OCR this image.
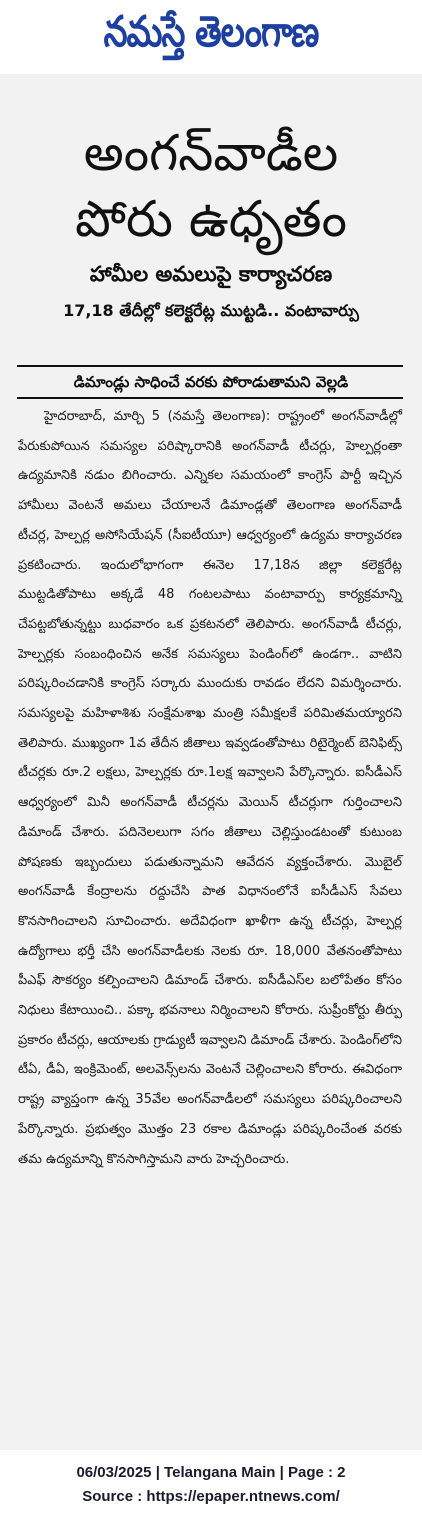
నమస్తే తెలంగాణ

అంగన్‌వాడీల

పోరు ఉధృతం

హామీల అమలుపై కార్యాచరణ

17,18 తేదీల్లో కలెక్టరేట్ల ముట్టడి.. వంటావార్పు

డిమాండ్లు సాధించే వరకు పోరాడుతామని వెల్లడి

హైదరాబాద్, మార్చి 5 (నమస్తే తెలంగాణ): రాష్ట్రంలో అంగన్‌వాడీల్లో పేరుకుపోయిన సమస్యల పరిష్కారానికి అంగన్‌వాడీ టీచర్లు, హెల్పర్లంతా ఉద్యమానికి నడుం బిగించారు. ఎన్నికల సమయంలో కాంగ్రెస్ పార్టీ ఇచ్చిన హామీలు వెంటనే అమలు చేయాలనే డిమాండ్లతో తెలంగాణ అంగన్‌వాడీ టీచర్ల, హెల్పర్ల అసోసియేషన్ (సీఐటీయూ) ఆధ్వర్యంలో ఉద్యమ కార్యాచరణ ప్రకటించారు. ఇందులోభాగంగా ఈనెల 17,18న జిల్లా కలెక్టరేట్ల ముట్టడితోపాటు అక్కడే 48 గంటలపాటు వంటావార్పు కార్యక్రమాన్ని చేపట్టబోతున్నట్టు బుధవారం ఒక ప్రకటనలో తెలిపారు. అంగన్‌వాడీ టీచర్లు, హెల్పర్లకు సంబంధించిన అనేక సమస్యలు పెండింగ్‌లో ఉండగా.. వాటిని పరిష్కరించడానికి కాంగ్రెస్ సర్కారు ముందుకు రావడం లేదని విమర్శించారు. సమస్యలపై మహిళాశిశు సంక్షేమశాఖ మంత్రి సమీక్షలకే పరిమితమయ్యారని తెలిపారు. ముఖ్యంగా 1వ తేదీన జీతాలు ఇవ్వడంతోపాటు రిటైర్మెంట్ బెనిఫిట్స్ టీచర్లకు రూ.2 లక్షలు, హెల్పర్లకు రూ.1లక్ష ఇవ్వాలని పేర్కొన్నారు. ఐసీడీఎస్ ఆధ్వర్యంలో మినీ అంగన్‌వాడీ టీచర్లను మెయిన్ టీచర్లుగా గుర్తించాలని డిమాండ్ చేశారు. పదినెలలుగా సగం జీతాలు చెల్లిస్తుండటంతో కుటుంబ పోషణకు ఇబ్బందులు పడుతున్నామని ఆవేదన వ్యక్తంచేశారు. మొబైల్ అంగన్‌వాడీ కేంద్రాలను రద్దుచేసి పాత విధానంలోనే ఐసీడీఎస్ సేవలు కొనసాగించాలని సూచించారు. అదేవిధంగా ఖాళీగా ఉన్న టీచర్లు, హెల్పర్ల ఉద్యోగాలు భర్తీ చేసి అంగన్‌వాడీలకు నెలకు రూ. 18,000 వేతనంతోపాటు పీఎఫ్ సౌకర్యం కల్పించాలని డిమాండ్ చేశారు. ఐసీడీఎస్‌ల బలోపేతం కోసం నిధులు కేటాయించి.. పక్కా భవనాలు నిర్మించాలని కోరారు. సుప్రీంకోర్టు తీర్పు ప్రకారం టీచర్లు, ఆయాలకు గ్రాడ్యుటీ ఇవ్వాలని డిమాండ్ చేశారు. పెండింగ్‌లోని టీఏ, డీఏ, ఇంక్రిమెంట్, అలవెన్స్‌లను వెంటనే చెల్లించాలని కోరారు. ఈవిధంగా రాష్ట్ర వ్యాప్తంగా ఉన్న 35వేల అంగన్‌వాడీలలో సమస్యలు పరిష్కరించాలని పేర్కొన్నారు. ప్రభుత్వం మొత్తం 23 రకాల డిమాండ్లు పరిష్కరించేంత వరకు తమ ఉద్యమాన్ని కొనసాగిస్తామని వారు హెచ్చరించారు.

06/03/2025 | Telangana Main | Page : 2
Source : https://epaper.ntnews.com/
